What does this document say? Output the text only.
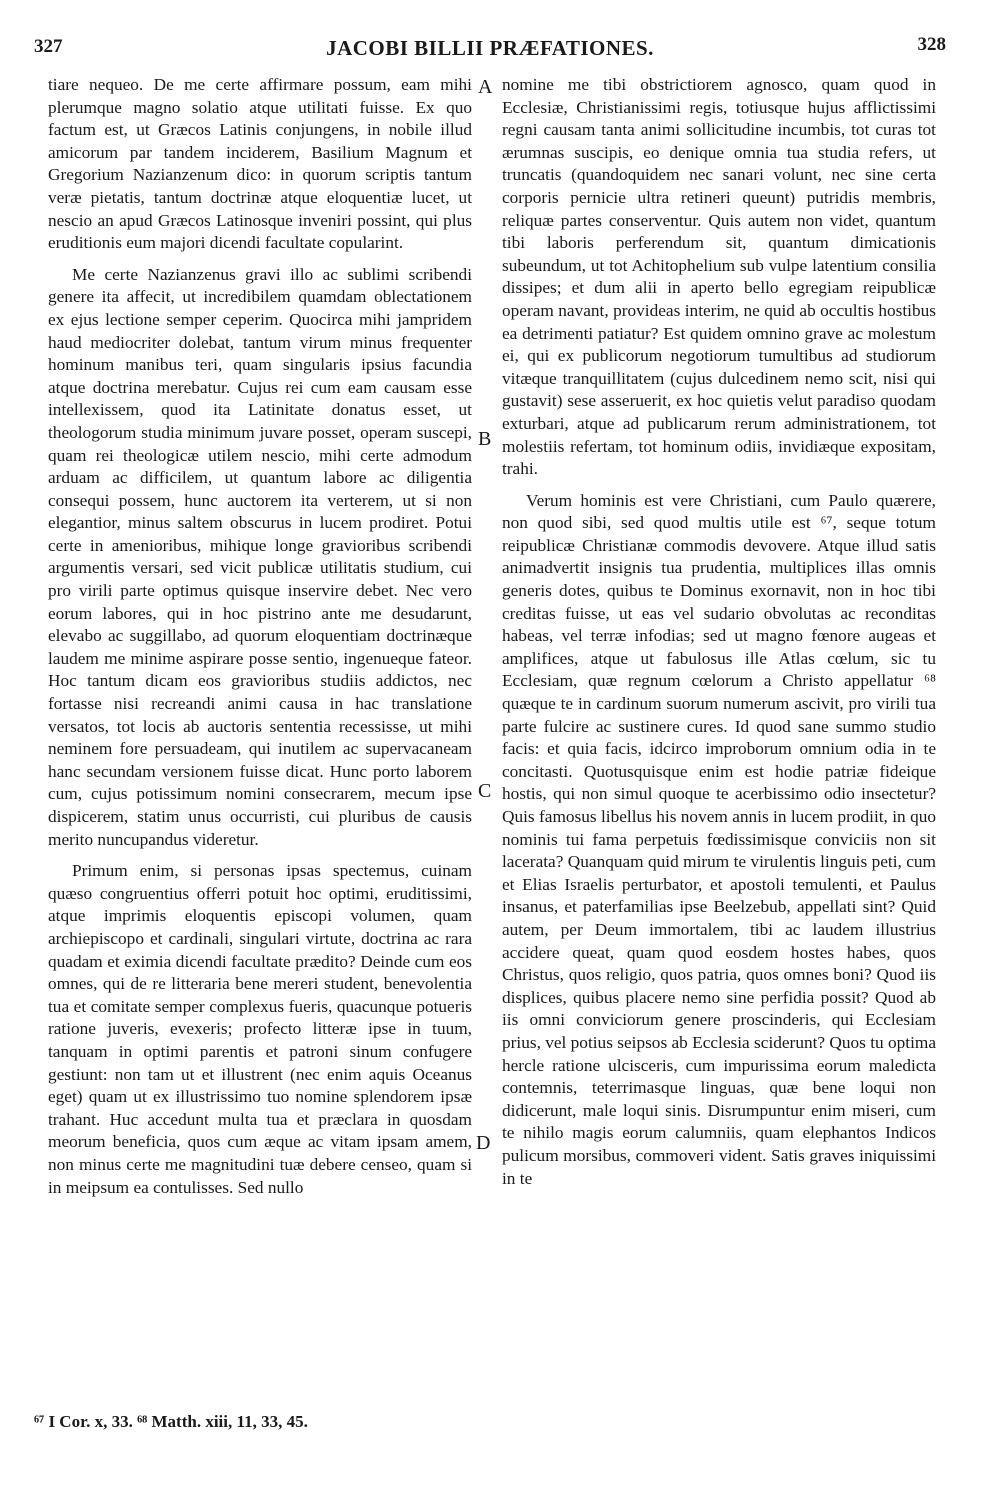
327	JACOBI BILLII PRÆFATIONES.	328

tiare nequeo. De me certe affirmare possum, eam mihi plerumque magno solatio atque utilitati fuisse. Ex quo factum est, ut Græcos Latinis conjungens, in nobile illud amicorum par tandem inciderem, Basilium Magnum et Gregorium Nazianzenum dico: in quorum scriptis tantum veræ pietatis, tantum doctrinæ atque eloquentiæ lucet, ut nescio an apud Græcos Latinosque inveniri possint, qui plus eruditionis eum majori dicendi facultate copularint.

Me certe Nazianzenus gravi illo ac sublimi scribendi genere ita affecit, ut incredibilem quamdam oblectationem ex ejus lectione semper ceperim. Quocirca mihi jampridem haud mediocriter dolebat, tantum virum minus frequenter hominum manibus teri, quam singularis ipsius facundia atque doctrina merebatur. Cujus rei cum eam causam esse intellexissem, quod ita Latinitate donatus esset, ut theologorum studia minimum juvare posset, operam suscepi, quam rei theologicæ utilem nescio, mihi certe admodum arduam ac difficilem, ut quantum labore ac diligentia consequi possem, hunc auctorem ita verterem, ut si non elegantior, minus saltem obscurus in lucem prodiret. Potui certe in amenioribus, mihique longe gravioribus scribendi argumentis versari, sed vicit publicæ utilitatis studium, cui pro virili parte optimus quisque inservire debet. Nec vero eorum labores, qui in hoc pistrino ante me desudarunt, elevabo ac suggillabo, ad quorum eloquentiam doctrinæque laudem me minime aspirare posse sentio, ingenueque fateor. Hoc tantum dicam eos gravioribus studiis addictos, nec fortasse nisi recreandi animi causa in hac translatione versatos, tot locis ab auctoris sententia recessisse, ut mihi neminem fore persuadeam, qui inutilem ac supervacaneam hanc secundam versionem fuisse dicat. Hunc porto laborem cum, cujus potissimum nomini consecrarem, mecum ipse dispicerem, statim unus occurristi, cui pluribus de causis merito nuncupandus videretur.

Primum enim, si personas ipsas spectemus, cuinam quæso congruentius offerri potuit hoc optimi, eruditissimi, atque imprimis eloquentis episcopi volumen, quam archiepiscopo et cardinali, singulari virtute, doctrina ac rara quadam et eximia dicendi facultate prædito? Deinde cum eos omnes, qui de re litteraria bene mereri student, benevolentia tua et comitate semper complexus fueris, quacunque potueris ratione juveris, evexeris; profecto litteræ ipse in tuum, tanquam in optimi parentis et patroni sinum confugere gestiunt: non tam ut et illustrent (nec enim aquis Oceanus eget) quam ut ex illustrissimo tuo nomine splendorem ipsæ trahant. Huc accedunt multa tua et præclara in quosdam meorum beneficia, quos cum æque ac vitam ipsam amem, non minus certe me magnitudini tuæ debere censeo, quam si in meipsum ea contulisses. Sed nullo

A
B
C
D

nomine me tibi obstrictiorem agnosco, quam quod in Ecclesiæ, Christianissimi regis, totiusque hujus afflictissimi regni causam tanta animi sollicitudine incumbis, tot curas tot ærumnas suscipis, eo denique omnia tua studia refers, ut truncatis (quandoquidem nec sanari volunt, nec sine certa corporis pernicie ultra retineri queunt) putridis membris, reliquæ partes conserventur. Quis autem non videt, quantum tibi laboris perferendum sit, quantum dimicationis subeundum, ut tot Achitophelium sub vulpe latentium consilia dissipes; et dum alii in aperto bello egregiam reipublicæ operam navant, provideas interim, ne quid ab occultis hostibus ea detrimenti patiatur? Est quidem omnino grave ac molestum ei, qui ex publicorum negotiorum tumultibus ad studiorum vitæque tranquillitatem (cujus dulcedinem nemo scit, nisi qui gustavit) sese asseruerit, ex hoc quietis velut paradiso quodam exturbari, atque ad publicarum rerum administrationem, tot molestiis refertam, tot hominum odiis, invidiæque expositam, trahi.

Verum hominis est vere Christiani, cum Paulo quærere, non quod sibi, sed quod multis utile est ⁶⁷, seque totum reipublicæ Christianæ commodis devovere. Atque illud satis animadvertit insignis tua prudentia, multiplices illas omnis generis dotes, quibus te Dominus exornavit, non in hoc tibi creditas fuisse, ut eas vel sudario obvolutas ac reconditas habeas, vel terræ infodias; sed ut magno fœnore augeas et amplifices, atque ut fabulosus ille Atlas cœlum, sic tu Ecclesiam, quæ regnum cœlorum a Christo appellatur ⁶⁸ quæque te in cardinum suorum numerum ascivit, pro virili tua parte fulcire ac sustinere cures. Id quod sane summo studio facis: et quia facis, idcirco improborum omnium odia in te concitasti. Quotusquisque enim est hodie patriæ fideique hostis, qui non simul quoque te acerbissimo odio insectetur? Quis famosus libellus his novem annis in lucem prodiit, in quo nominis tui fama perpetuis fœdissimisque conviciis non sit lacerata? Quanquam quid mirum te virulentis linguis peti, cum et Elias Israelis perturbator, et apostoli temulenti, et Paulus insanus, et paterfamilias ipse Beelzebub, appellati sint? Quid autem, per Deum immortalem, tibi ac laudem illustrius accidere queat, quam quod eosdem hostes habes, quos Christus, quos religio, quos patria, quos omnes boni? Quod iis displices, quibus placere nemo sine perfidia possit? Quod ab iis omni conviciorum genere proscinderis, qui Ecclesiam prius, vel potius seipsos ab Ecclesia sciderunt? Quos tu optima hercle ratione ulcisceris, cum impurissima eorum maledicta contemnis, teterrimasque linguas, quæ bene loqui non didicerunt, male loqui sinis. Disrumpuntur enim miseri, cum te nihilo magis eorum calumniis, quam elephantos Indicos pulicum morsibus, commoveri vident. Satis graves iniquissimi in te

⁶⁷ I Cor. x, 33. ⁶⁸ Matth. xiii, 11, 33, 45.
